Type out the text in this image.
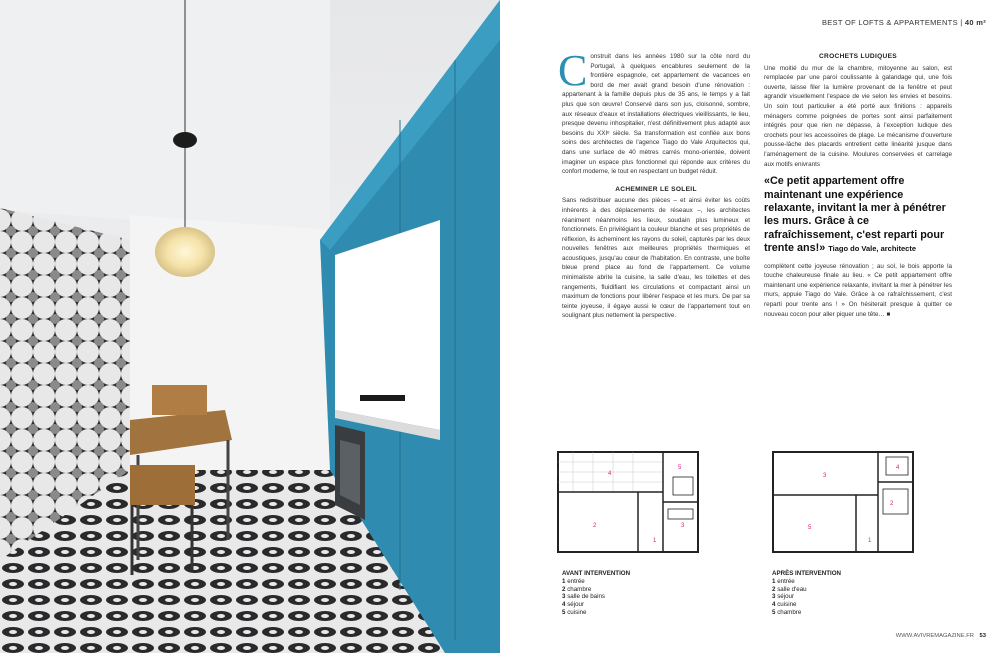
BEST OF LOFTS & APPARTEMENTS | 40 m²
C onstruit dans les années 1980 sur la côte nord du Portugal, à quelques encablures seulement de la frontière espagnole, cet appartement de vacances en bord de mer avait grand besoin d'une rénovation : appartenant à la famille depuis plus de 35 ans, le temps y a fait plus que son œuvre! Conservé dans son jus, cloisonné, sombre, aux réseaux d'eaux et installations électriques vieillissants, le lieu, presque devenu inhospitalier, n'est définitivement plus adapté aux besoins du XXIᵉ siècle. Sa transformation est confiée aux bons soins des architectes de l'agence Tiago do Vale Arquitectos qui, dans une surface de 40 mètres carrés mono-orientée, doivent imaginer un espace plus fonctionnel qui réponde aux critères du confort moderne, le tout en respectant un budget réduit.

ACHEMINER LE SOLEIL

Sans redistribuer aucune des pièces – et ainsi éviter les coûts inhérents à des déplacements de réseaux –, les architectes réaniment néanmoins les lieux, soudain plus lumineux et fonctionnels. En privilégiant la couleur blanche et ses propriétés de réflexion, ils acheminent les rayons du soleil, capturés par les deux nouvelles fenêtres aux meilleures propriétés thermiques et acoustiques, jusqu'au cœur de l'habitation. En contraste, une boîte bleue prend place au fond de l'appartement. Ce volume minimaliste abrite la cuisine, la salle d'eau, les toilettes et des rangements, fluidifiant les circulations et compactant ainsi un maximum de fonctions pour libérer l'espace et les murs. De par sa teinte joyeuse, il égaye aussi le cœur de l'appartement tout en soulignant plus nettement la perspective.

CROCHETS LUDIQUES

Une moitié du mur de la chambre, mitoyenne au salon, est remplacée par une paroi coulissante à galandage qui, une fois ouverte, laisse filer la lumière provenant de la fenêtre et peut agrandir visuellement l'espace de vie selon les envies et besoins. Un soin tout particulier a été porté aux finitions : appareils ménagers comme poignées de portes sont ainsi parfaitement intégrés pour que rien ne dépasse, à l'exception ludique des crochets pour les accessoires de plage. Le mécanisme d'ouverture pousse-lâche des placards entretient cette linéarité jusque dans l'aménagement de la cuisine. Moulures conservées et carrelage aux motifs enivrants

«Ce petit appartement offre maintenant une expérience relaxante, invitant la mer à pénétrer les murs. Grâce à ce rafraîchissement, c'est reparti pour trente ans!» Tiago do Vale, architecte

complètent cette joyeuse rénovation ; au sol, le bois apporte la touche chaleureuse finale au lieu. « Ce petit appartement offre maintenant une expérience relaxante, invitant la mer à pénétrer les murs, appuie Tiago do Vale. Grâce à ce rafraîchissement, c'est reparti pour trente ans ! » On hésiterait presque à quitter ce nouveau cocon pour aller piquer une tête… ■

4
2	3
5
1
3
5
4
2
1
AVANT INTERVENTION
1 entrée
2 chambre
3 salle de bains
4 séjour
5 cuisine
APRÈS INTERVENTION
1 entrée
2 salle d'eau
3 séjour
4 cuisine
5 chambre
WWW.AVIVREMAGAZINE.FR 53
